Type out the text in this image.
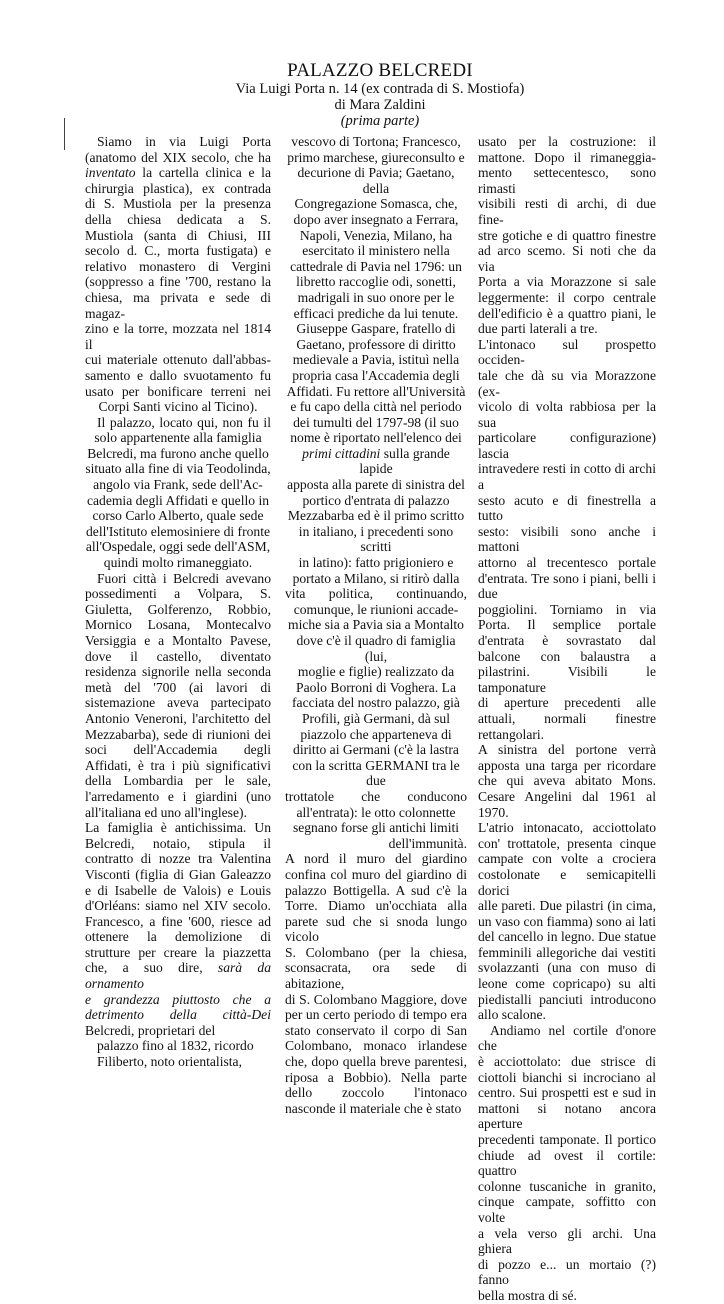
PALAZZO BELCREDI
Via Luigi Porta n. 14 (ex contrada di S. Mostiofa)
di Mara Zaldini
(prima parte)

Siamo in via Luigi Porta

(anatomo del XIX secolo, che ha

inventato la cartella clinica e la

chirurgia plastica), ex contrada

di S. Mustiola per la presenza

della chiesa dedicata a S.

Mustiola (santa di Chiusi, III

secolo d. C., morta fustigata) e

relativo monastero di Vergini

(soppresso a fine '700, restano la

chiesa, ma privata e sede di magaz-

zino e la torre, mozzata nel 1814 il

cui materiale ottenuto dall'abbas-

samento e dallo svuotamento fu

usato per bonificare terreni nei

Corpi Santi vicino al Ticino).

Il palazzo, locato qui, non fu il

solo appartenente alla famiglia

Belcredi, ma furono anche quello

situato alla fine di via Teodolinda,

angolo via Frank, sede dell'Ac-

cademia degli Affidati e quello in

corso Carlo Alberto, quale sede

dell'Istituto elemosiniere di fronte

all'Ospedale, oggi sede dell'ASM,

quindi molto rimaneggiato.

Fuori città i Belcredi avevano

possedimenti a Volpara, S.

Giuletta, Golferenzo, Robbio,

Mornico Losana, Montecalvo

Versiggia e a Montalto Pavese,

dove il castello, diventato

residenza signorile nella seconda

metà del '700 (ai lavori di

sistemazione aveva partecipato

Antonio Veneroni, l'architetto del

Mezzabarba), sede di riunioni dei

soci dell'Accademia degli

Affidati, è tra i più significativi

della Lombardia per le sale,

l'arredamento e i giardini (uno

all'italiana ed uno all'inglese).

La famiglia è antichissima. Un

Belcredi, notaio, stipula il

contratto di nozze tra Valentina

Visconti (figlia di Gian Galeazzo

e di Isabelle de Valois) e Louis

d'Orléans: siamo nel XIV secolo.

Francesco, a fine '600, riesce ad

ottenere la demolizione di

strutture per creare la piazzetta

che, a suo dire, sarà da ornamento

e grandezza piuttosto che a

detrimento della città-Dei

Belcredi, proprietari del

palazzo fino al 1832, ricordo

Filiberto, noto orientalista,

vescovo di Tortona; Francesco,

primo marchese, giureconsulto e

decurione di Pavia; Gaetano, della

Congregazione Somasca, che,

dopo aver insegnato a Ferrara,

Napoli, Venezia, Milano, ha

esercitato il ministero nella

cattedrale di Pavia nel 1796: un

libretto raccoglie odi, sonetti,

madrigali in suo onore per le

efficaci prediche da lui tenute.

Giuseppe Gaspare, fratello di

Gaetano, professore di diritto

medievale a Pavia, istituì nella

propria casa l'Accademia degli

Affidati. Fu rettore all'Università

e fu capo della città nel periodo

dei tumulti del 1797-98 (il suo

nome è riportato nell'elenco dei

primi cittadini sulla grande lapide

apposta alla parete di sinistra del

portico d'entrata di palazzo

Mezzabarba ed è il primo scritto

in italiano, i precedenti sono scritti

in latino): fatto prigioniero e

portato a Milano, si ritirò dalla

vita politica, continuando,

comunque, le riunioni accade-

miche sia a Pavia sia a Montalto

dove c'è il quadro di famiglia (lui,

moglie e figlie) realizzato da

Paolo Borroni di Voghera. La

facciata del nostro palazzo, già

Profili, già Germani, dà sul

piazzolo che apparteneva di

diritto ai Germani (c'è la lastra

con la scritta GERMANI tra le due

trottatole che conducono

all'entrata): le otto colonnette

segnano forse gli antichi limiti

dell'immunità.

A nord il muro del giardino

confina col muro del giardino di

palazzo Bottigella. A sud c'è la

Torre. Diamo un'occhiata alla

parete sud che si snoda lungo vicolo

S. Colombano (per la chiesa,

sconsacrata, ora sede di abitazione,

di S. Colombano Maggiore, dove

per un certo periodo di tempo era

stato conservato il corpo di San

Colombano, monaco irlandese

che, dopo quella breve parentesi,

riposa a Bobbio). Nella parte

dello zoccolo l'intonaco

nasconde il materiale che è stato

usato per la costruzione: il

mattone. Dopo il rimaneggia-

mento settecentesco, sono rimasti

visibili resti di archi, di due fine-

stre gotiche e di quattro finestre

ad arco scemo. Si noti che da via

Porta a via Morazzone si sale

leggermente: il corpo centrale

dell'edificio è a quattro piani, le

due parti laterali a tre.

L'intonaco sul prospetto occiden-

tale che dà su via Morazzone (ex-

vicolo di volta rabbiosa per la sua

particolare configurazione) lascia

intravedere resti in cotto di archi a

sesto acuto e di finestrella a tutto

sesto: visibili sono anche i mattoni

attorno al trecentesco portale

d'entrata. Tre sono i piani, belli i due

poggiolini. Torniamo in via

Porta. Il semplice portale

d'entrata è sovrastato dal

balcone con balaustra a

pilastrini. Visibili le tamponature

di aperture precedenti alle

attuali, normali finestre

rettangolari.

A sinistra del portone verrà

apposta una targa per ricordare

che qui aveva abitato Mons.

Cesare Angelini dal 1961 al 1970.

L'atrio intonacato, acciottolato

con' trottatole, presenta cinque

campate con volte a crociera

costolonate e semicapitelli dorici

alle pareti. Due pilastri (in cima,

un vaso con fiamma) sono ai lati

del cancello in legno. Due statue

femminili allegoriche dai vestiti

svolazzanti (una con muso di

leone come copricapo) su alti

piedistalli panciuti introducono

allo scalone.

Andiamo nel cortile d'onore che

è acciottolato: due strisce di

ciottoli bianchi si incrociano al

centro. Sui prospetti est e sud in

mattoni si notano ancora aperture

precedenti tamponate. Il portico

chiude ad ovest il cortile: quattro

colonne tuscaniche in granito,

cinque campate, soffitto con volte

a vela verso gli archi. Una ghiera

di pozzo e... un mortaio (?) fanno

bella mostra di sé.
